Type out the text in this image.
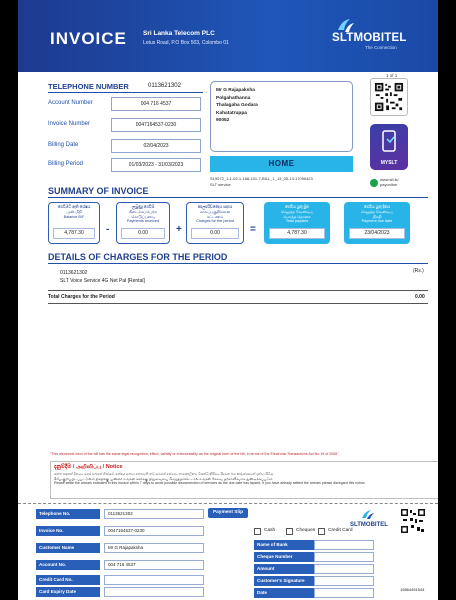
INVOICE Sri Lanka Telecom PLC
Lotus Road, P.O Box 503, Colombo 01	SLTMOBITEL
The Connection
1 of 1
TELEPHONE NUMBER	0113621302
Account Number	004 716 4537
Invoice Number	0047164537-0230
Billing Date	02/04/2023
Billing Period	01/03/2023 - 31/03/2023
Mr G Rajapaksha
Polgahathanna
Thalagaha Godara
Kahatatruppa
90052
HOME
S19072_1-1-02-1-168-101-7-BILL_1_13_05-14:17090423
SLT service
MYSLT
www.slt.lk/
payonline
SUMMARY OF INVOICE
ගෙවීමට ඇති ශේෂය
முன் மீதி
Balance B/F
4,787.30	-
ලැබුණු ගෙවීම්
கிடைக்கப்பெற்ற
கொடுப்பனவு
Payments received
0.00	+
කාලපරිච්ඡේදය සඳහා
காலப்பகுதிக்கான
கட்டணம்
Charges for the period
0.00	=
ගෙවිය යුතු මුළු
செலுத்த வேண்டிய
மொத்த தொகை
Total payable
4,787.30
ගෙවිය යුතු දිනය
செலுத்த வேண்டிய
திகதி
Payment due date
23/04/2023
DETAILS OF CHARGES FOR THE PERIOD
0113621302	(Rs.)
SLT Voice Service 4G Net Pal [Rental]
Total Charges for the Period	0.00
"This electronic form of the bill has the same legal recognition, effect, validity or enforceability as the original form of the bill, in terms of the Electronic Transactions Act No.19 of 2006".
දැනුම්දීම / அறிவிப்பு / Notice
පහත සඳහන් දිනයට පෙර ඔබගේ ගිණුමේ ශේෂය ගෙවා නොමැති නම් ඔබගේ සේවාව තාවකාලිකව විසන්ධි කිරීමට සිදුවන බව කරුණාවෙන් දන්වා සිටිමු.
கீழே குறிப்பிடப்பட்டுள்ள திகதிக்கு முன்னர் உங்கள் கணக்கு நிலுவையை செலுத்தாவிட்டால் உங்கள் சேவை தற்காலிகமாக துண்டிக்கப்படும்.
Please settle the arrears indicated in this invoice within 7 days to avoid possible disconnection of services as the due date has lapsed. If you have already settled the arrears please disregard this notice.
Payment Slip
Telephone No.	0113621302
Invoice No.	0047164537-0230
Customer Name	Mr G Rajapaksha
Account No.	004 716 4537
Credit Card No.
Card Expiry Date
Cash	Cheques	Credit Card
Name of Bank
Cheque Number
Amount
Customer's Signature
Date
SLTMOBITEL
19864451544
